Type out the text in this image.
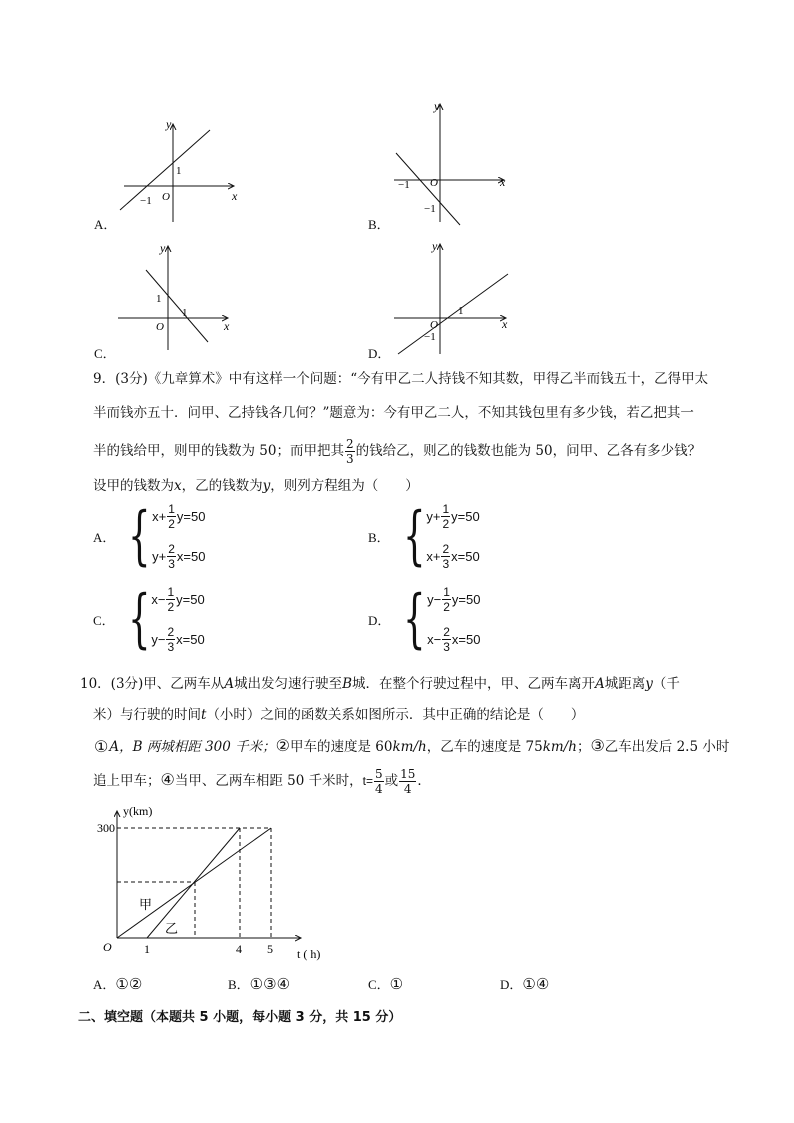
A．
y
x
O
−1
1
B．
y
x
O
−1
−1
C．
y
x
O
1
1
D．
y
x
O
1
−1
9．(3分)《九章算术》中有这样一个问题：“今有甲乙二人持钱不知其数，甲得乙半而钱五十，乙得甲太
半而钱亦五十．问甲、乙持钱各几何？”题意为：今有甲乙二人，不知其钱包里有多少钱，若乙把其一
半的钱给甲，则甲的钱数为 50；而甲把其 $\frac{2}{3}$ 的钱给乙，则乙的钱数也能为 50，问甲、乙各有多少钱？
设甲的钱数为x，乙的钱数为y，则列方程组为（　　）
A． { $x+ \frac{1}{2} y=50$
$y+ \frac{2}{3} x=50$
B． { $y+ \frac{1}{2} y=50$
$x+ \frac{2}{3} x=50$
C． { $x- \frac{1}{2} y=50$
$y- \frac{2}{3} x=50$
D． { $y- \frac{1}{2} y=50$
$x- \frac{2}{3} x=50$
10．(3分)甲、乙两车从A城出发匀速行驶至B城．在整个行驶过程中，甲、乙两车离开A城距离y（千
米）与行驶的时间t（小时）之间的函数关系如图所示．其中正确的结论是（　　）
①A，B 两城相距 300 千米；②甲车的速度是 60km/h，乙车的速度是 75km/h；③乙车出发后 2.5 小时
追上甲车；④当甲、乙两车相距 50 千米时，$t= \frac{5}{4}$ 或 $\frac{15}{4}$ ．
y(km)
300
O	1	4 5 t ( h)
甲
乙
A．①②	B．①③④	C．①	D．①④
二、填空题（本题共 5 小题，每小题 3 分，共 15 分）
